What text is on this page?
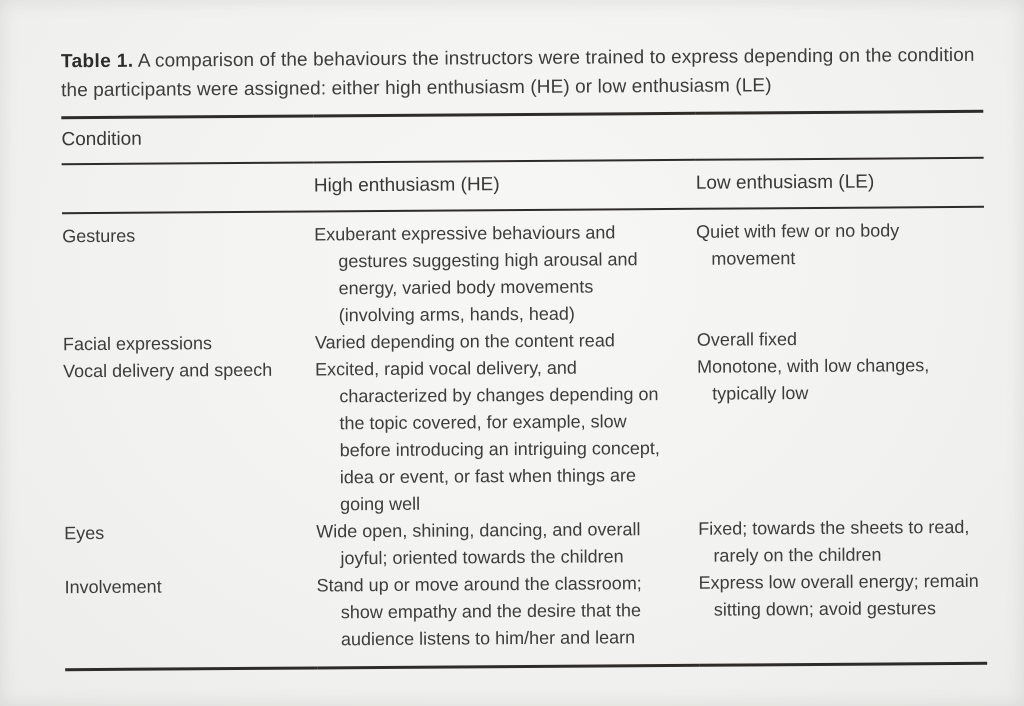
Table 1. A comparison of the behaviours the instructors were trained to express depending on the condition the participants were assigned: either high enthusiasm (HE) or low enthusiasm (LE)

Condition		
	High enthusiasm (HE)	Low enthusiasm (LE)
Gestures	Exuberant expressive behaviours and gestures suggesting high arousal and energy, varied body movements (involving arms, hands, head)	Quiet with few or no body movement
Facial expressions	Varied depending on the content read	Overall fixed
Vocal delivery and speech	Excited, rapid vocal delivery, and characterized by changes depending on the topic covered, for example, slow before introducing an intriguing concept, idea or event, or fast when things are going well	Monotone, with low changes, typically low
Eyes	Wide open, shining, dancing, and overall joyful; oriented towards the children	Fixed; towards the sheets to read, rarely on the children
Involvement	Stand up or move around the classroom; show empathy and the desire that the audience listens to him/her and learn	Express low overall energy; remain sitting down; avoid gestures
